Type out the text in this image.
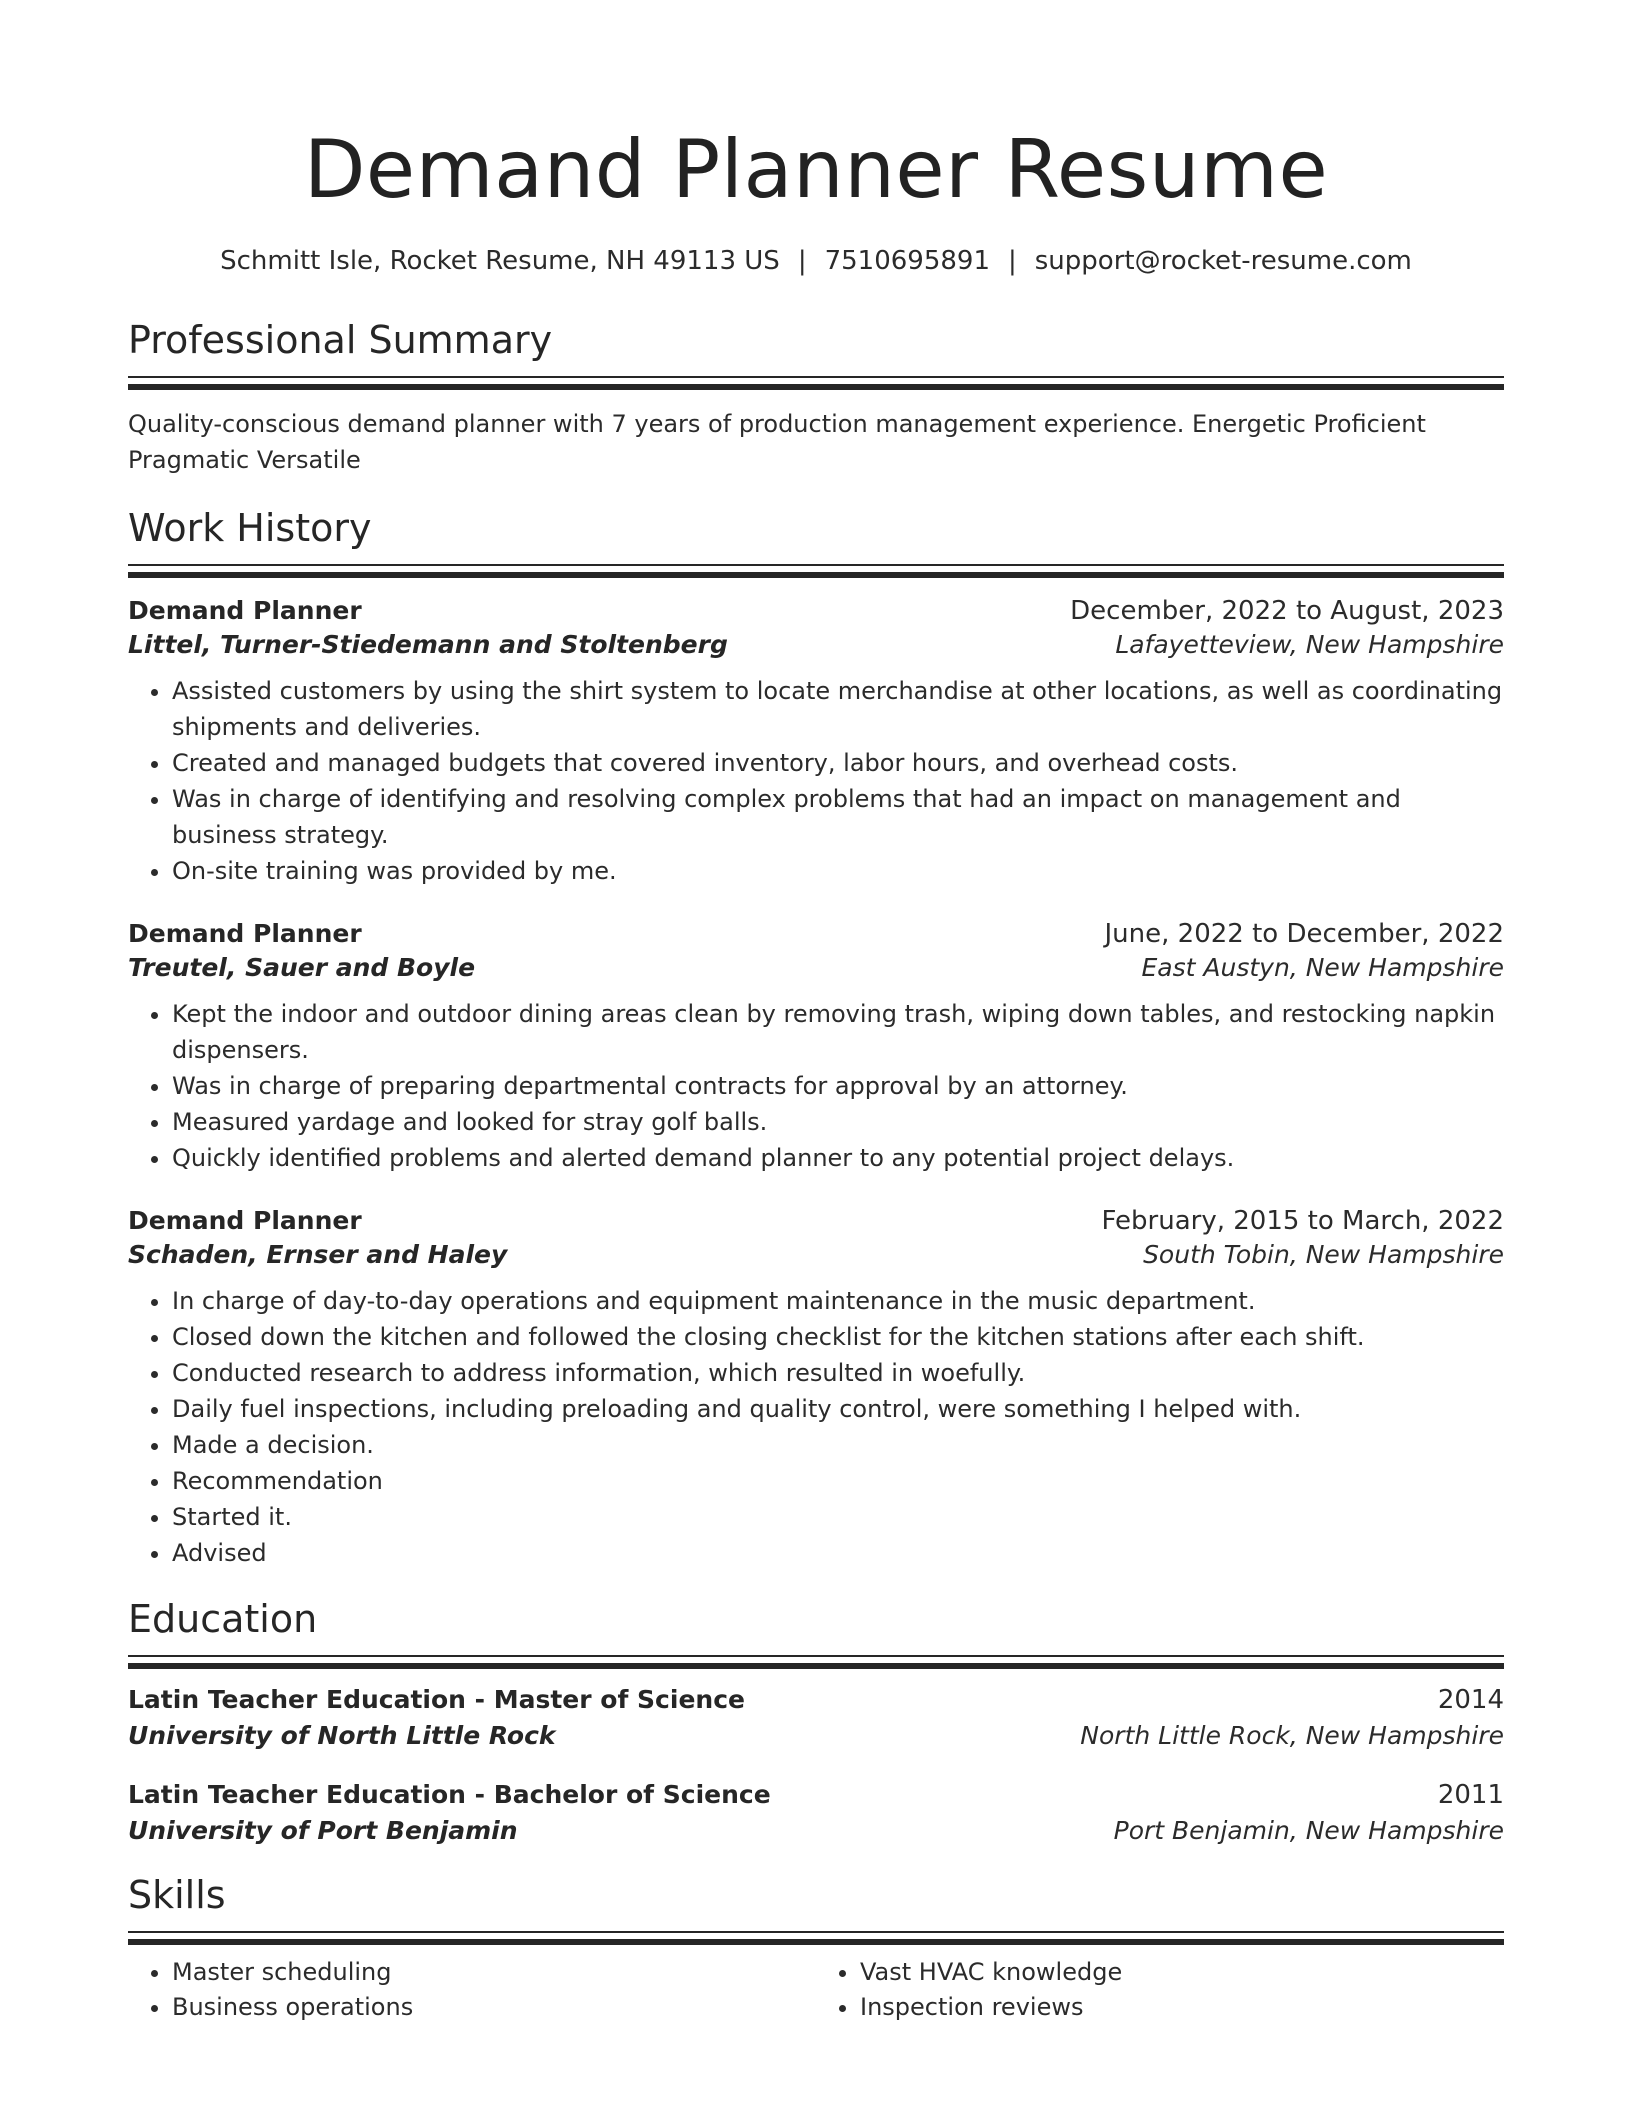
Demand Planner Resume
Schmitt Isle, Rocket Resume, NH 49113 US | 7510695891 | support@rocket-resume.com
Professional Summary

Quality-conscious demand planner with 7 years of production management experience. Energetic Proficient Pragmatic Versatile

Work History
Demand Planner	December, 2022 to August, 2023
Littel, Turner-Stiedemann and Stoltenberg	Lafayetteview, New Hampshire
• Assisted customers by using the shirt system to locate merchandise at other locations, as well as coordinating shipments and deliveries.
• Created and managed budgets that covered inventory, labor hours, and overhead costs.
• Was in charge of identifying and resolving complex problems that had an impact on management and business strategy.
• On-site training was provided by me.
Demand Planner	June, 2022 to December, 2022
Treutel, Sauer and Boyle	East Austyn, New Hampshire
• Kept the indoor and outdoor dining areas clean by removing trash, wiping down tables, and restocking napkin dispensers.
• Was in charge of preparing departmental contracts for approval by an attorney.
• Measured yardage and looked for stray golf balls.
• Quickly identified problems and alerted demand planner to any potential project delays.
Demand Planner	February, 2015 to March, 2022
Schaden, Ernser and Haley	South Tobin, New Hampshire
• In charge of day-to-day operations and equipment maintenance in the music department.
• Closed down the kitchen and followed the closing checklist for the kitchen stations after each shift.
• Conducted research to address information, which resulted in woefully.
• Daily fuel inspections, including preloading and quality control, were something I helped with.
• Made a decision.
• Recommendation
• Started it.
• Advised
Education
Latin Teacher Education - Master of Science	2014
University of North Little Rock	North Little Rock, New Hampshire
Latin Teacher Education - Bachelor of Science	2011
University of Port Benjamin	Port Benjamin, New Hampshire
Skills
• Master scheduling
• Business operations
• Vast HVAC knowledge
• Inspection reviews
